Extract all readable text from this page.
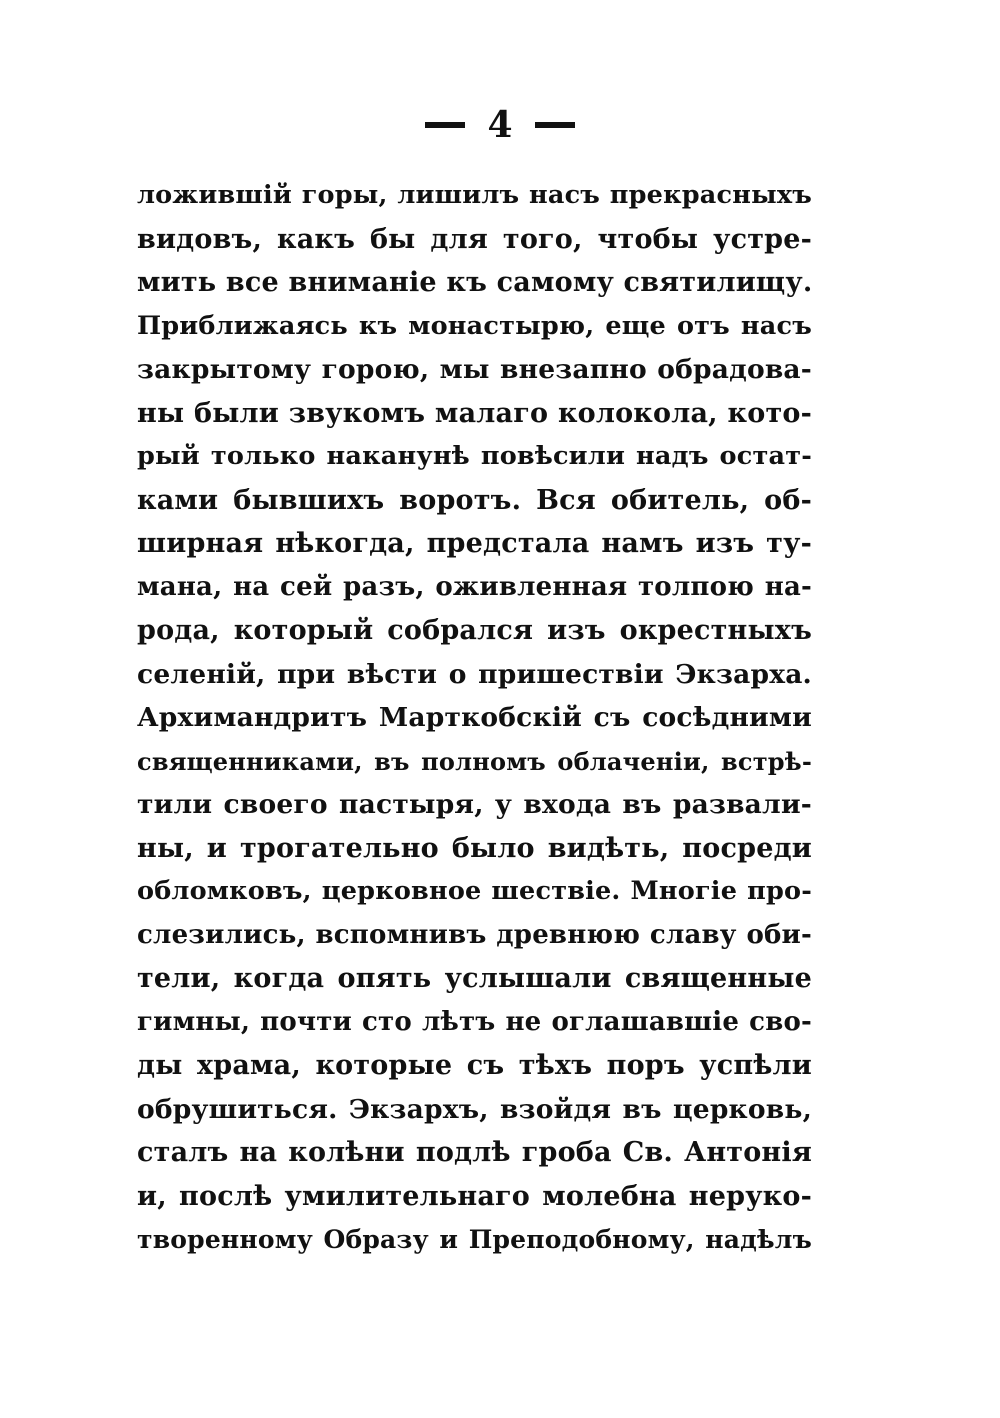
4
ложившiй горы, лишилъ насъ прекрасныхъ
видовъ, какъ бы для того, чтобы устре-
мить все вниманiе къ самому святилищу.
Приближаясь къ монастырю, еще отъ насъ
закрытому горою, мы внезапно обрадова-
ны были звукомъ малаго колокола, кото-
рый только наканунѣ повѣсили надъ остат-
ками бывшихъ воротъ. Вся обитель, об-
ширная нѣкогда, предстала намъ изъ ту-
мана, на сей разъ, оживленная толпою на-
рода, который собрался изъ окрестныхъ
селенiй, при вѣсти о пришествiи Экзарха.
Архимандритъ Марткобскiй съ сосѣдними
священниками, въ полномъ облаченiи, встрѣ-
тили своего пастыря, у входа въ развали-
ны, и трогательно было видѣть, посреди
обломковъ, церковное шествiе. Многiе про-
слезились, вспомнивъ древнюю славу оби-
тели, когда опять услышали священные
гимны, почти сто лѣтъ не оглашавшiе сво-
ды храма, которые съ тѣхъ поръ успѣли
обрушиться. Экзархъ, взойдя въ церковь,
сталъ на колѣни подлѣ гроба Св. Антонiя
и, послѣ умилительнаго молебна неруко-
творенному Образу и Преподобному, надѣлъ
